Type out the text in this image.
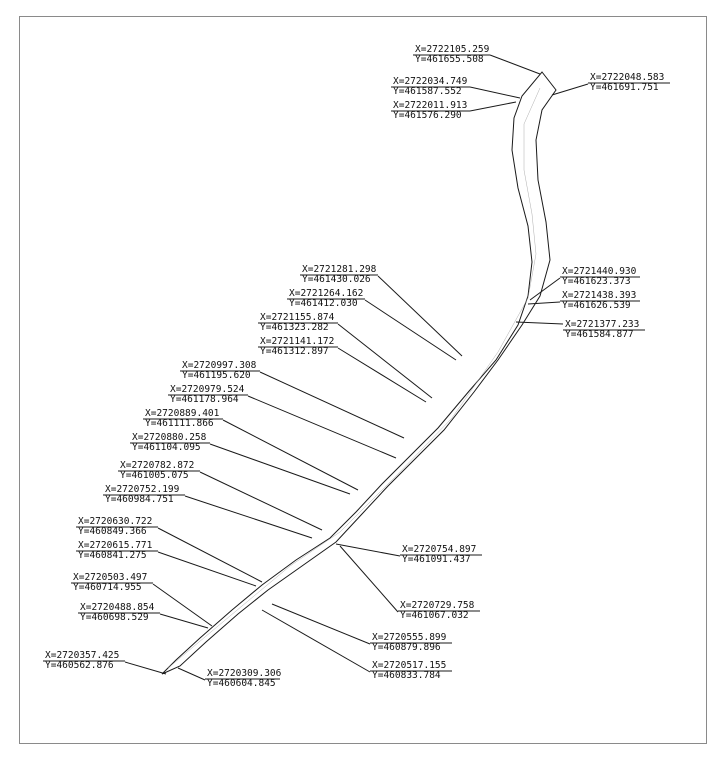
X=2722105.259
Y=461655.508
X=2722048.583
Y=461691.751
X=2722034.749
Y=461587.552
X=2722011.913
Y=461576.290
X=2721281.298
Y=461430.026
X=2721264.162
Y=461412.030
X=2721440.930
Y=461623.373
X=2721438.393
Y=461626.539
X=2721155.874
Y=461323.282	X=2721377.233
Y=461584.877
X=2721141.172
Y=461312.897
X=2720997.308
Y=461195.620
X=2720979.524
Y=461178.964
X=2720889.401
Y=461111.866
X=2720880.258
Y=461104.095
X=2720782.872
Y=461005.075
X=2720752.199
Y=460984.751
X=2720630.722
Y=460849.366
X=2720754.897
Y=461091.437
X=2720615.771
Y=460841.275
X=2720503.497
Y=460714.955
X=2720729.758
Y=461067.032
X=2720488.854
Y=460698.529
X=2720555.899
Y=460879.896
X=2720357.425
Y=460562.876	X=2720517.155
Y=460833.784
X=2720309.306
Y=460604.845
